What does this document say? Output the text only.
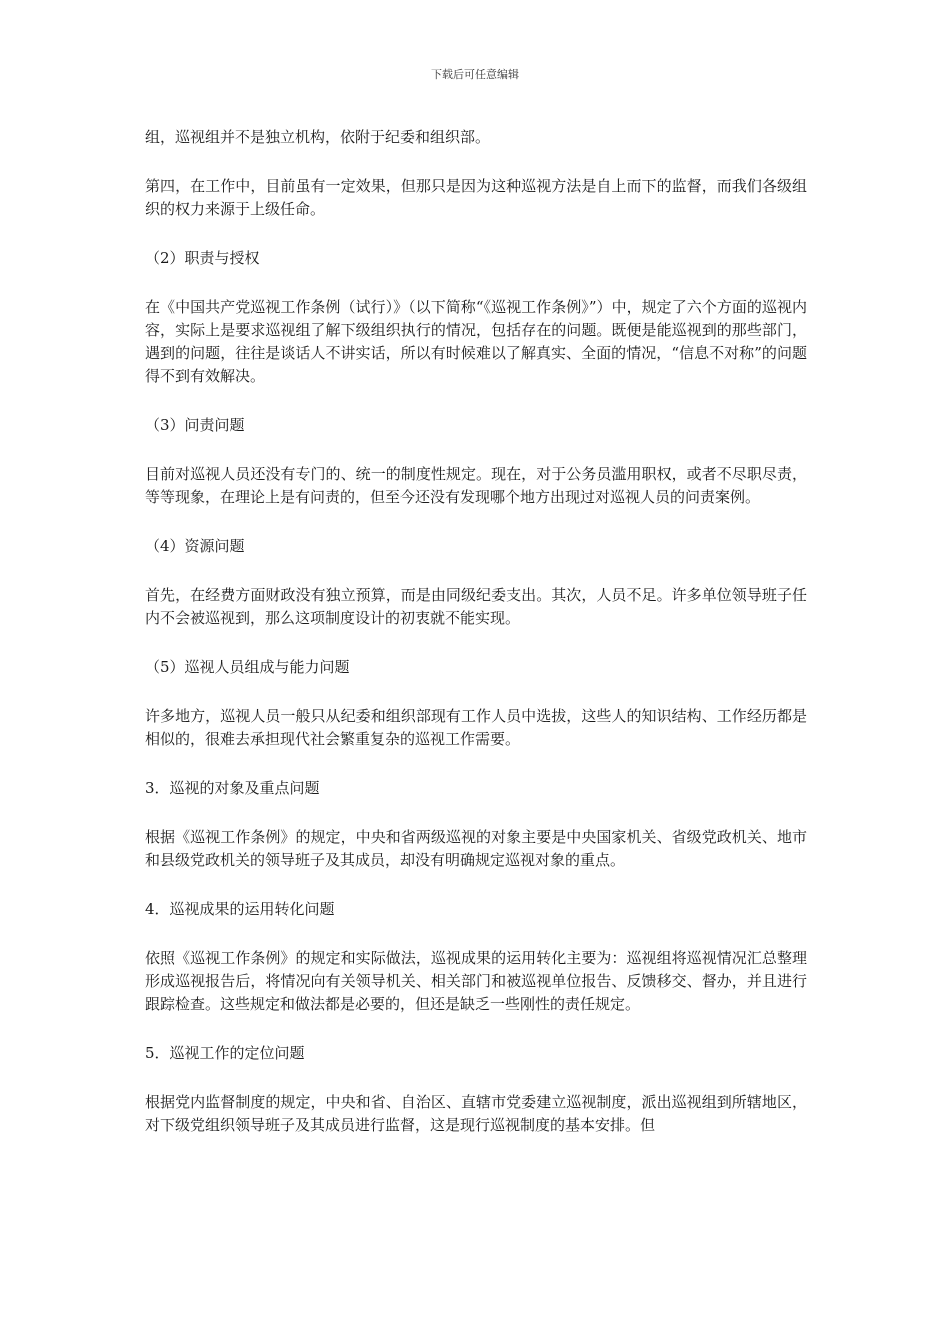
下载后可任意编辑

组，巡视组并不是独立机构，依附于纪委和组织部。

第四，在工作中，目前虽有一定效果，但那只是因为这种巡视方法是自上而下的监督，而我们各级组织的权力来源于上级任命。

（2）职责与授权

在《中国共产党巡视工作条例（试行）》（以下简称“《巡视工作条例》”）中，规定了六个方面的巡视内容，实际上是要求巡视组了解下级组织执行的情况，包括存在的问题。既便是能巡视到的那些部门，遇到的问题，往往是谈话人不讲实话，所以有时候难以了解真实、全面的情况，“信息不对称”的问题得不到有效解决。

（3）问责问题

目前对巡视人员还没有专门的、统一的制度性规定。现在，对于公务员滥用职权，或者不尽职尽责，等等现象，在理论上是有问责的，但至今还没有发现哪个地方出现过对巡视人员的问责案例。

（4）资源问题

首先，在经费方面财政没有独立预算，而是由同级纪委支出。其次，人员不足。许多单位领导班子任内不会被巡视到，那么这项制度设计的初衷就不能实现。

（5）巡视人员组成与能力问题

许多地方，巡视人员一般只从纪委和组织部现有工作人员中选拔，这些人的知识结构、工作经历都是相似的，很难去承担现代社会繁重复杂的巡视工作需要。

3．巡视的对象及重点问题

根据《巡视工作条例》的规定，中央和省两级巡视的对象主要是中央国家机关、省级党政机关、地市和县级党政机关的领导班子及其成员，却没有明确规定巡视对象的重点。

4．巡视成果的运用转化问题

依照《巡视工作条例》的规定和实际做法，巡视成果的运用转化主要为：巡视组将巡视情况汇总整理形成巡视报告后，将情况向有关领导机关、相关部门和被巡视单位报告、反馈移交、督办，并且进行跟踪检查。这些规定和做法都是必要的，但还是缺乏一些刚性的责任规定。

5．巡视工作的定位问题

根据党内监督制度的规定，中央和省、自治区、直辖市党委建立巡视制度，派出巡视组到所辖地区，对下级党组织领导班子及其成员进行监督，这是现行巡视制度的基本安排。但
